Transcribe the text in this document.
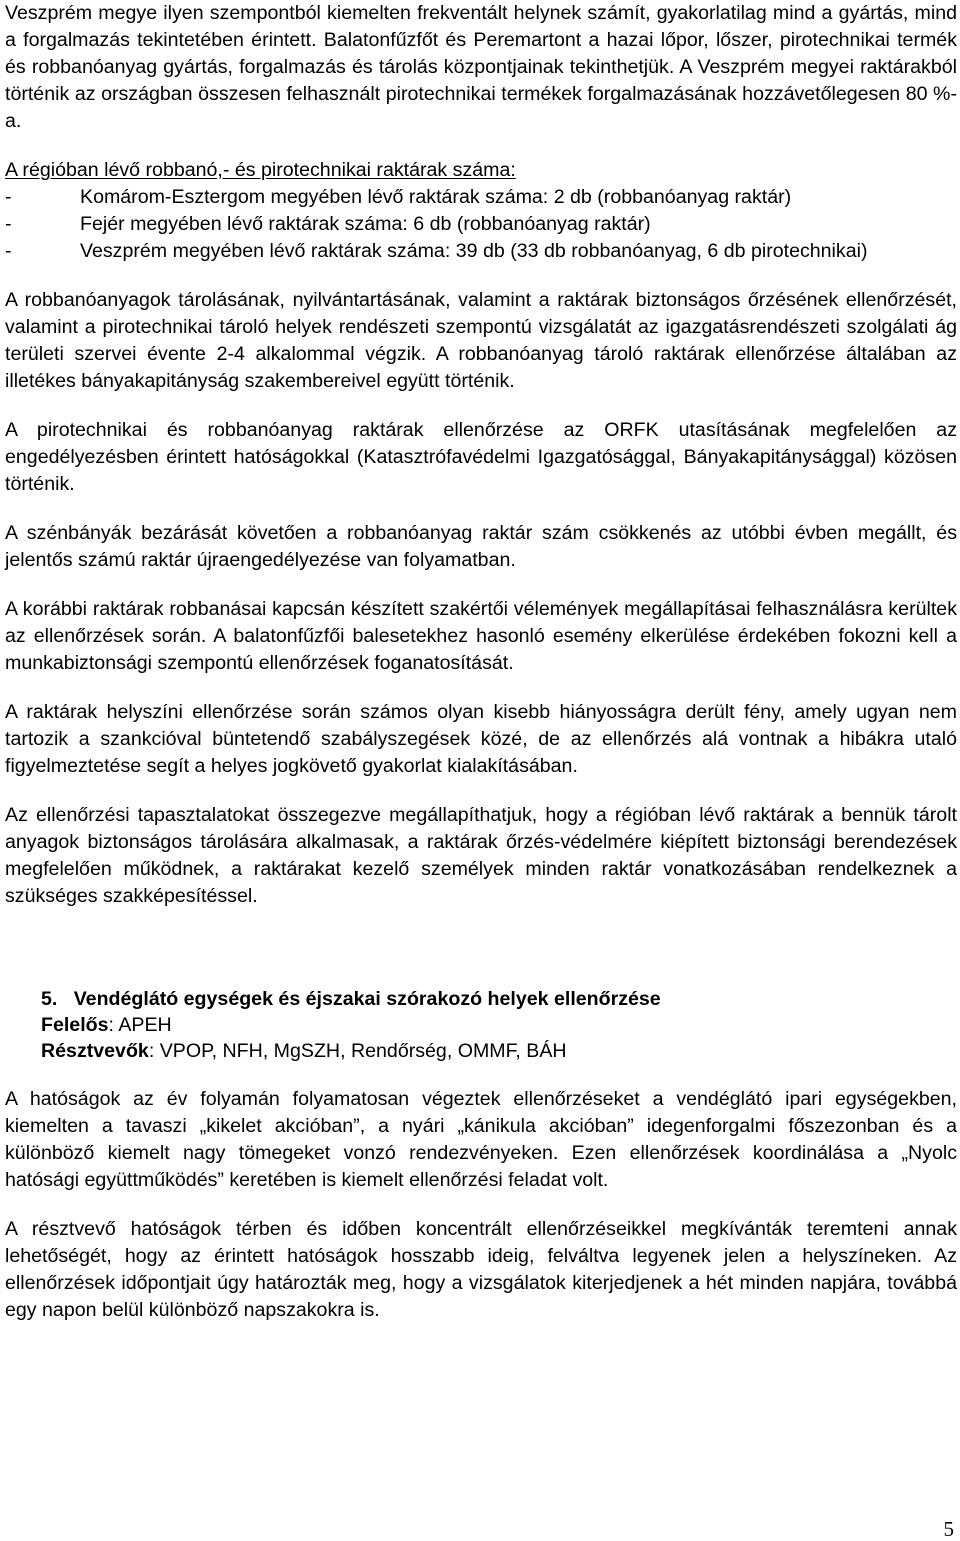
Veszprém megye ilyen szempontból kiemelten frekventált helynek számít, gyakorlatilag mind a gyártás, mind a forgalmazás tekintetében érintett. Balatonfűzfőt és Peremartont a hazai lőpor, lőszer, pirotechnikai termék és robbanóanyag gyártás, forgalmazás és tárolás központjainak tekinthetjük. A Veszprém megyei raktárakból történik az országban összesen felhasznált pirotechnikai termékek forgalmazásának hozzávetőlegesen 80 %- a.

A régióban lévő robbanó,- és pirotechnikai raktárak száma:

-	Komárom-Esztergom megyében lévő raktárak száma: 2 db (robbanóanyag raktár)
-	Fejér megyében lévő raktárak száma: 6 db (robbanóanyag raktár)
-	Veszprém megyében lévő raktárak száma: 39 db (33 db robbanóanyag, 6 db pirotechnikai)

A robbanóanyagok tárolásának, nyilvántartásának, valamint a raktárak biztonságos őrzésének ellenőrzését, valamint a pirotechnikai tároló helyek rendészeti szempontú vizsgálatát az igazgatásrendészeti szolgálati ág területi szervei évente 2-4 alkalommal végzik. A robbanóanyag tároló raktárak ellenőrzése általában az illetékes bányakapitányság szakembereivel együtt történik.

A pirotechnikai és robbanóanyag raktárak ellenőrzése az ORFK utasításának megfelelően az engedélyezésben érintett hatóságokkal (Katasztrófavédelmi Igazgatósággal, Bányakapitánysággal) közösen történik.

A szénbányák bezárását követően a robbanóanyag raktár szám csökkenés az utóbbi évben megállt, és jelentős számú raktár újraengedélyezése van folyamatban.

A korábbi raktárak robbanásai kapcsán készített szakértői vélemények megállapításai felhasználásra kerültek az ellenőrzések során. A balatonfűzfői balesetekhez hasonló esemény elkerülése érdekében fokozni kell a munkabiztonsági szempontú ellenőrzések foganatosítását.

A raktárak helyszíni ellenőrzése során számos olyan kisebb hiányosságra derült fény, amely ugyan nem tartozik a szankcióval büntetendő szabályszegések közé, de az ellenőrzés alá vontnak a hibákra utaló figyelmeztetése segít a helyes jogkövető gyakorlat kialakításában.

Az ellenőrzési tapasztalatokat összegezve megállapíthatjuk, hogy a régióban lévő raktárak a bennük tárolt anyagok biztonságos tárolására alkalmasak, a raktárak őrzés-védelmére kiépített biztonsági berendezések megfelelően működnek, a raktárakat kezelő személyek minden raktár vonatkozásában rendelkeznek a szükséges szakképesítéssel.

5. Vendéglátó egységek és éjszakai szórakozó helyek ellenőrzése
Felelős: APEH
Résztvevők: VPOP, NFH, MgSZH, Rendőrség, OMMF, BÁH

A hatóságok az év folyamán folyamatosan végeztek ellenőrzéseket a vendéglátó ipari egységekben, kiemelten a tavaszi „kikelet akcióban”, a nyári „kánikula akcióban” idegenforgalmi főszezonban és a különböző kiemelt nagy tömegeket vonzó rendezvényeken. Ezen ellenőrzések koordinálása a „Nyolc hatósági együttműködés” keretében is kiemelt ellenőrzési feladat volt.

A résztvevő hatóságok térben és időben koncentrált ellenőrzéseikkel megkívánták teremteni annak lehetőségét, hogy az érintett hatóságok hosszabb ideig, felváltva legyenek jelen a helyszíneken. Az ellenőrzések időpontjait úgy határozták meg, hogy a vizsgálatok kiterjedjenek a hét minden napjára, továbbá egy napon belül különböző napszakokra is.

5
